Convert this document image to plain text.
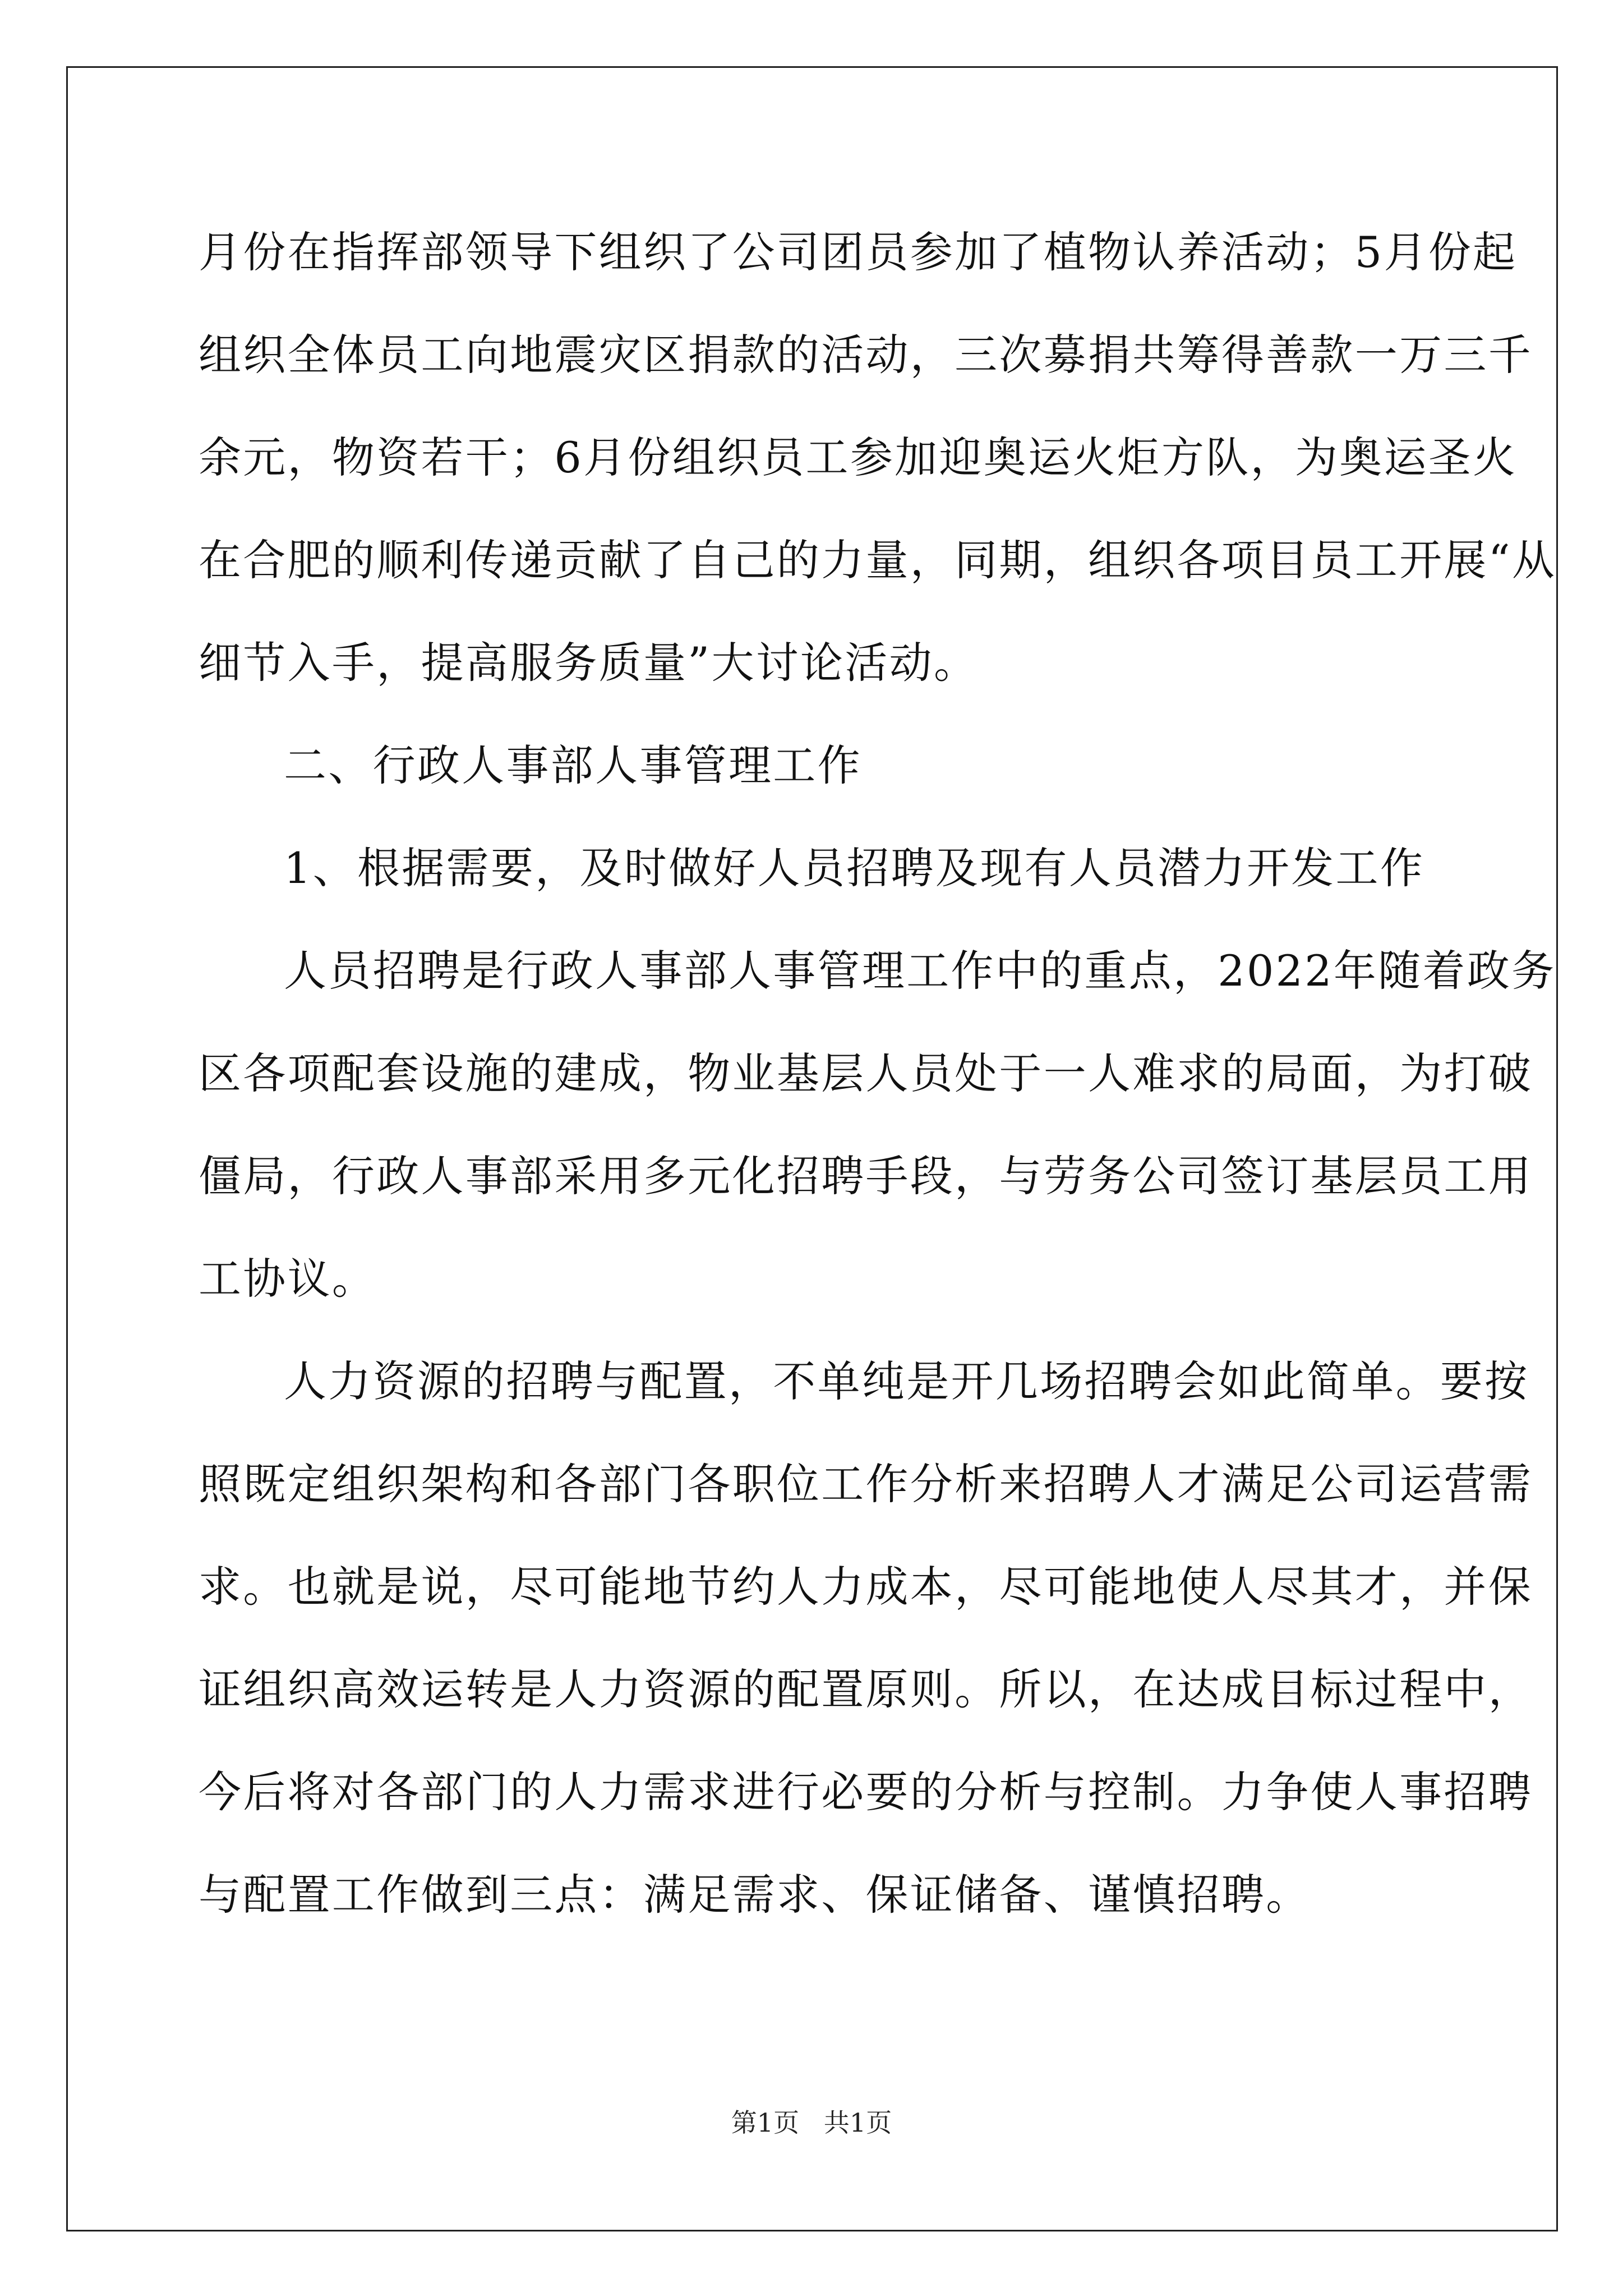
月份在指挥部领导下组织了公司团员参加了植物认养活动；5月份起
组织全体员工向地震灾区捐款的活动，三次募捐共筹得善款一万三千
余元，物资若干；6月份组织员工参加迎奥运火炬方队，为奥运圣火
在合肥的顺利传递贡献了自己的力量，同期，组织各项目员工开展“从
细节入手，提高服务质量”大讨论活动。
二、行政人事部人事管理工作
1、根据需要，及时做好人员招聘及现有人员潜力开发工作
人员招聘是行政人事部人事管理工作中的重点，2022年随着政务
区各项配套设施的建成，物业基层人员处于一人难求的局面，为打破
僵局，行政人事部采用多元化招聘手段，与劳务公司签订基层员工用
工协议。
人力资源的招聘与配置，不单纯是开几场招聘会如此简单。要按
照既定组织架构和各部门各职位工作分析来招聘人才满足公司运营需
求。也就是说，尽可能地节约人力成本，尽可能地使人尽其才，并保
证组织高效运转是人力资源的配置原则。所以，在达成目标过程中，
今后将对各部门的人力需求进行必要的分析与控制。力争使人事招聘
与配置工作做到三点：满足需求、保证储备、谨慎招聘。
第1页   共1页
